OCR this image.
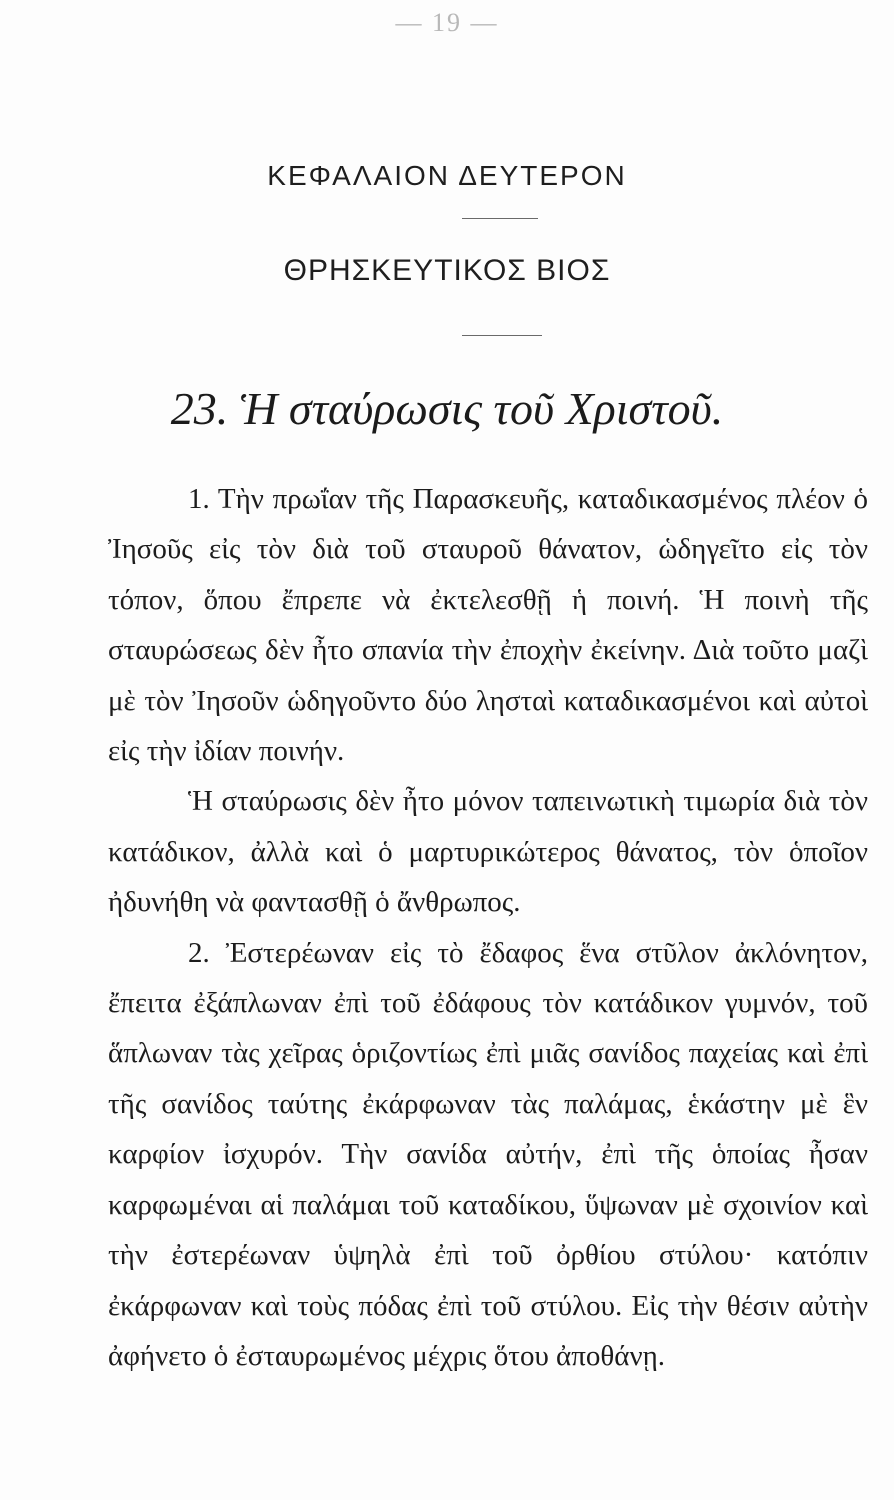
— 19 —
ΚΕΦΑΛΑΙΟΝ ΔΕΥΤΕΡΟΝ
ΘΡΗΣΚΕΥΤΙΚΟΣ ΒΙΟΣ
23. Ἡ σταύρωσις τοῦ Χριστοῦ.

1. Τὴν πρωΐαν τῆς Παρασκευῆς, καταδικασμένος πλέον ὁ Ἰησοῦς εἰς τὸν διὰ τοῦ σταυροῦ θάνατον, ὡδηγεῖτο εἰς τὸν τόπον, ὅπου ἔπρεπε νὰ ἐκτελεσθῇ ἡ ποινή. Ἡ ποινὴ τῆς σταυρώσεως δὲν ἦτο σπανία τὴν ἐποχὴν ἐκείνην. Διὰ τοῦτο μαζὶ μὲ τὸν Ἰησοῦν ὡδηγοῦντο δύο λησταὶ καταδικασμένοι καὶ αὐτοὶ εἰς τὴν ἰδίαν ποινήν.

Ἡ σταύρωσις δὲν ἦτο μόνον ταπεινωτικὴ τιμωρία διὰ τὸν κατάδικον, ἀλλὰ καὶ ὁ μαρτυρικώτερος θάνατος, τὸν ὁποῖον ἠδυνήθη νὰ φαντασθῇ ὁ ἄνθρωπος.

2. Ἐστερέωναν εἰς τὸ ἔδαφος ἕνα στῦλον ἀκλόνητον, ἔπειτα ἐξάπλωναν ἐπὶ τοῦ ἐδάφους τὸν κατάδικον γυμνόν, τοῦ ἅπλωναν τὰς χεῖρας ὁριζοντίως ἐπὶ μιᾶς σανίδος παχείας καὶ ἐπὶ τῆς σανίδος ταύτης ἐκάρφωναν τὰς παλάμας, ἑκάστην μὲ ἓν καρφίον ἰσχυρόν. Τὴν σανίδα αὐτήν, ἐπὶ τῆς ὁποίας ἦσαν καρφωμέναι αἱ παλάμαι τοῦ καταδίκου, ὕψωναν μὲ σχοινίον καὶ τὴν ἐστερέωναν ὑψηλὰ ἐπὶ τοῦ ὀρθίου στύλου· κατόπιν ἐκάρφωναν καὶ τοὺς πόδας ἐπὶ τοῦ στύλου. Εἰς τὴν θέσιν αὐτὴν ἀφήνετο ὁ ἐσταυρωμένος μέχρις ὅτου ἀποθάνῃ.
